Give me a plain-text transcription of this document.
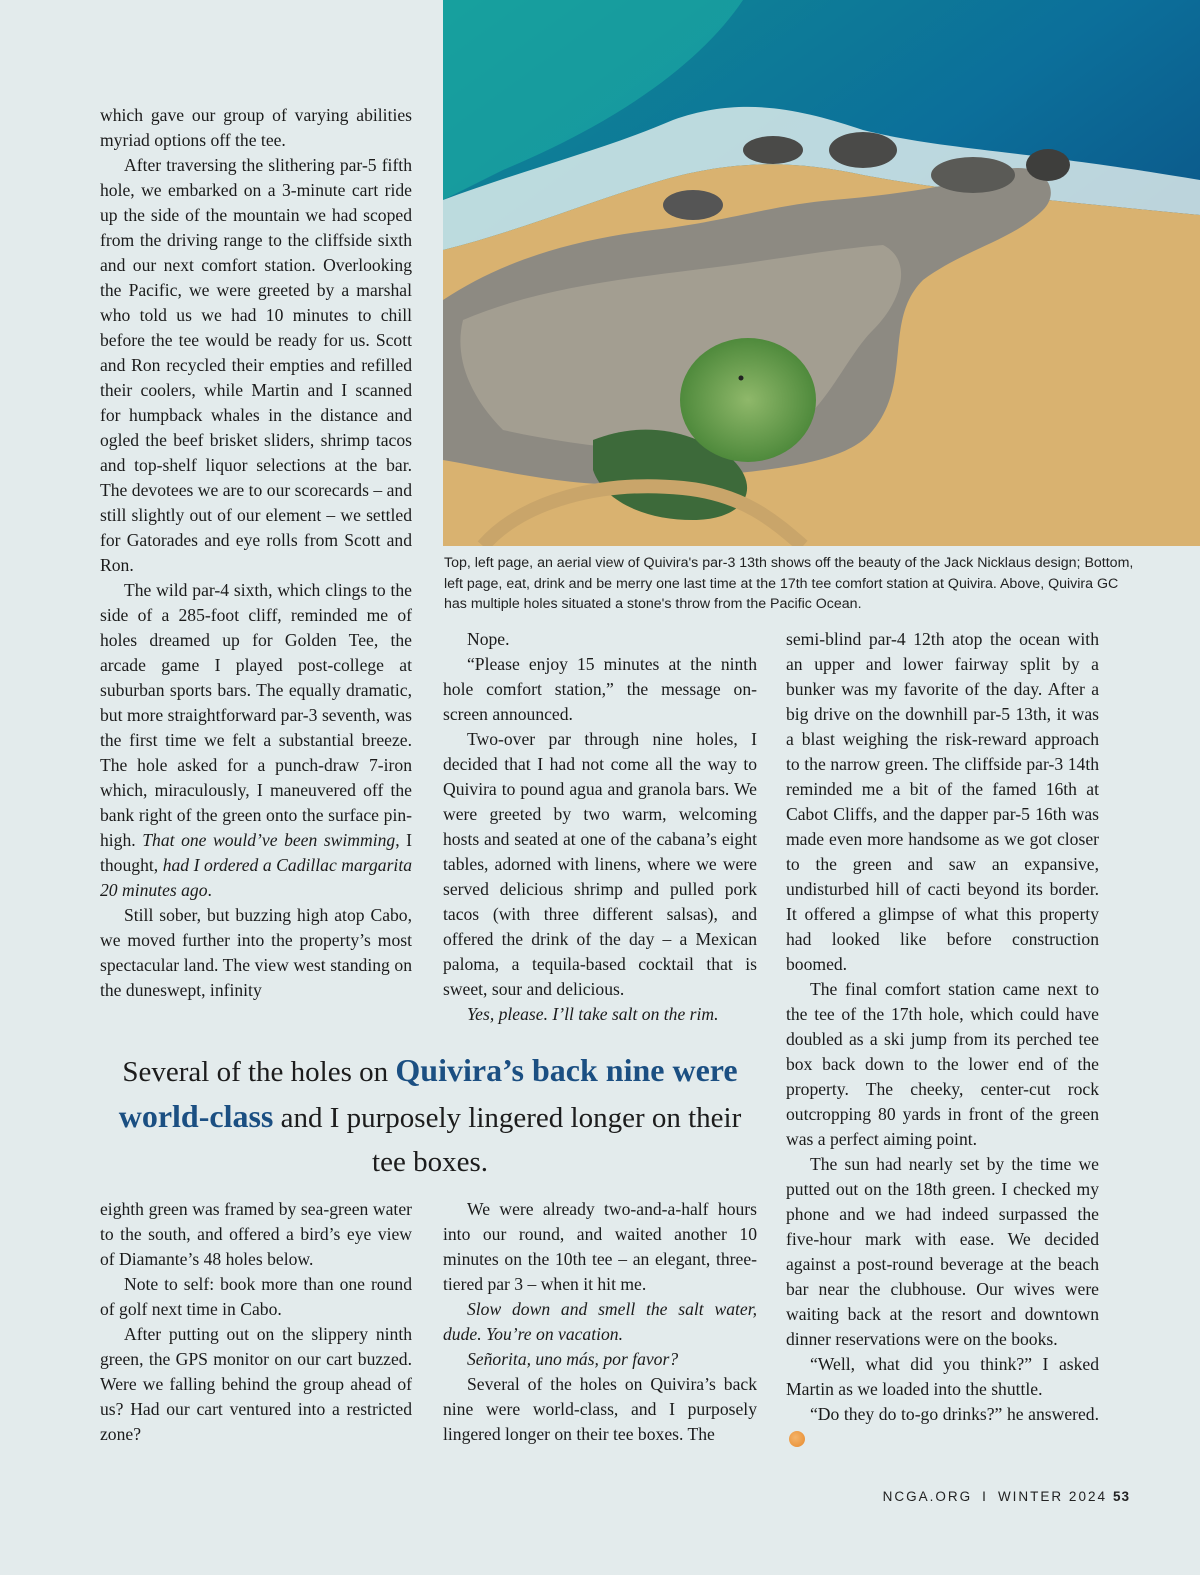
Top, left page, an aerial view of Quivira's par-3 13th shows off the beauty of the Jack Nicklaus design; Bottom, left page, eat, drink and be merry one last time at the 17th tee comfort station at Quivira. Above, Quivira GC has multiple holes situated a stone's throw from the Pacific Ocean.

which gave our group of varying abilities myriad options off the tee.

After traversing the slithering par-5 fifth hole, we embarked on a 3-minute cart ride up the side of the mountain we had scoped from the driving range to the cliffside sixth and our next comfort station. Overlooking the Pacific, we were greeted by a marshal who told us we had 10 minutes to chill before the tee would be ready for us. Scott and Ron recycled their empties and refilled their coolers, while Martin and I scanned for humpback whales in the distance and ogled the beef brisket sliders, shrimp tacos and top-shelf liquor selections at the bar. The devotees we are to our scorecards – and still slightly out of our element – we settled for Gatorades and eye rolls from Scott and Ron.

The wild par-4 sixth, which clings to the side of a 285-foot cliff, reminded me of holes dreamed up for Golden Tee, the arcade game I played post-college at suburban sports bars. The equally dramatic, but more straightforward par-3 seventh, was the first time we felt a substantial breeze. The hole asked for a punch-draw 7-iron which, miraculously, I maneuvered off the bank right of the green onto the surface pin-high. That one would’ve been swimming, I thought, had I ordered a Cadillac margarita 20 minutes ago.

Still sober, but buzzing high atop Cabo, we moved further into the property’s most spectacular land. The view west standing on the duneswept, infinity

Nope.

“Please enjoy 15 minutes at the ninth hole comfort station,” the message on-screen announced.

Two-over par through nine holes, I decided that I had not come all the way to Quivira to pound agua and granola bars. We were greeted by two warm, welcoming hosts and seated at one of the cabana’s eight tables, adorned with linens, where we were served delicious shrimp and pulled pork tacos (with three different salsas), and offered the drink of the day – a Mexican paloma, a tequila-based cocktail that is sweet, sour and delicious.

Yes, please. I’ll take salt on the rim.

semi-blind par-4 12th atop the ocean with an upper and lower fairway split by a bunker was my favorite of the day. After a big drive on the downhill par-5 13th, it was a blast weighing the risk-reward approach to the narrow green. The cliffside par-3 14th reminded me a bit of the famed 16th at Cabot Cliffs, and the dapper par-5 16th was made even more handsome as we got closer to the green and saw an expansive, undisturbed hill of cacti beyond its border. It offered a glimpse of what this property had looked like before construction boomed.

The final comfort station came next to the tee of the 17th hole, which could have doubled as a ski jump from its perched tee box back down to the lower end of the property. The cheeky, center-cut rock outcropping 80 yards in front of the green was a perfect aiming point.

The sun had nearly set by the time we putted out on the 18th green. I checked my phone and we had indeed surpassed the five-hour mark with ease. We decided against a post-round beverage at the beach bar near the clubhouse. Our wives were waiting back at the resort and downtown dinner reservations were on the books.

“Well, what did you think?” I asked Martin as we loaded into the shuttle.

“Do they do to-go drinks?” he answered.

Several of the holes on Quivira’s back nine were world-class and I purposely lingered longer on their tee boxes.

eighth green was framed by sea-green water to the south, and offered a bird’s eye view of Diamante’s 48 holes below.

Note to self: book more than one round of golf next time in Cabo.

After putting out on the slippery ninth green, the GPS monitor on our cart buzzed. Were we falling behind the group ahead of us? Had our cart ventured into a restricted zone?

We were already two-and-a-half hours into our round, and waited another 10 minutes on the 10th tee – an elegant, three-tiered par 3 – when it hit me.

Slow down and smell the salt water, dude. You’re on vacation.

Señorita, uno más, por favor?

Several of the holes on Quivira’s back nine were world-class, and I purposely lingered longer on their tee boxes. The

NCGA.ORG I WINTER 2024 53
